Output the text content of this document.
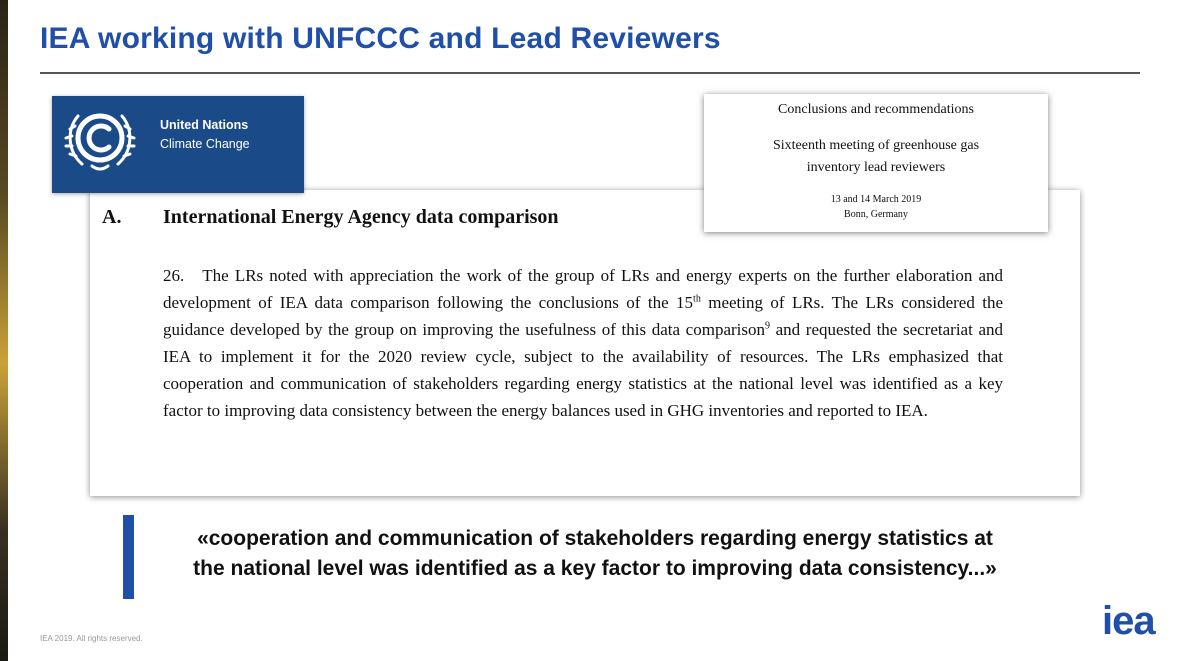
IEA working with UNFCCC and Lead Reviewers
A. International Energy Agency data comparison
26. The LRs noted with appreciation the work of the group of LRs and energy experts on the further elaboration and development of IEA data comparison following the conclusions of the 15th meeting of LRs. The LRs considered the guidance developed by the group on improving the usefulness of this data comparison$^9$ and requested the secretariat and IEA to implement it for the 2020 review cycle, subject to the availability of resources. The LRs emphasized that cooperation and communication of stakeholders regarding energy statistics at the national level was identified as a key factor to improving data consistency between the energy balances used in GHG inventories and reported to IEA.
United Nations
Climate Change
Conclusions and recommendations
Sixteenth meeting of greenhouse gas
inventory lead reviewers
13 and 14 March 2019
Bonn, Germany
«cooperation and communication of stakeholders regarding energy statistics at
the national level was identified as a key factor to improving data consistency...»
IEA 2019. All rights reserved.	iea
